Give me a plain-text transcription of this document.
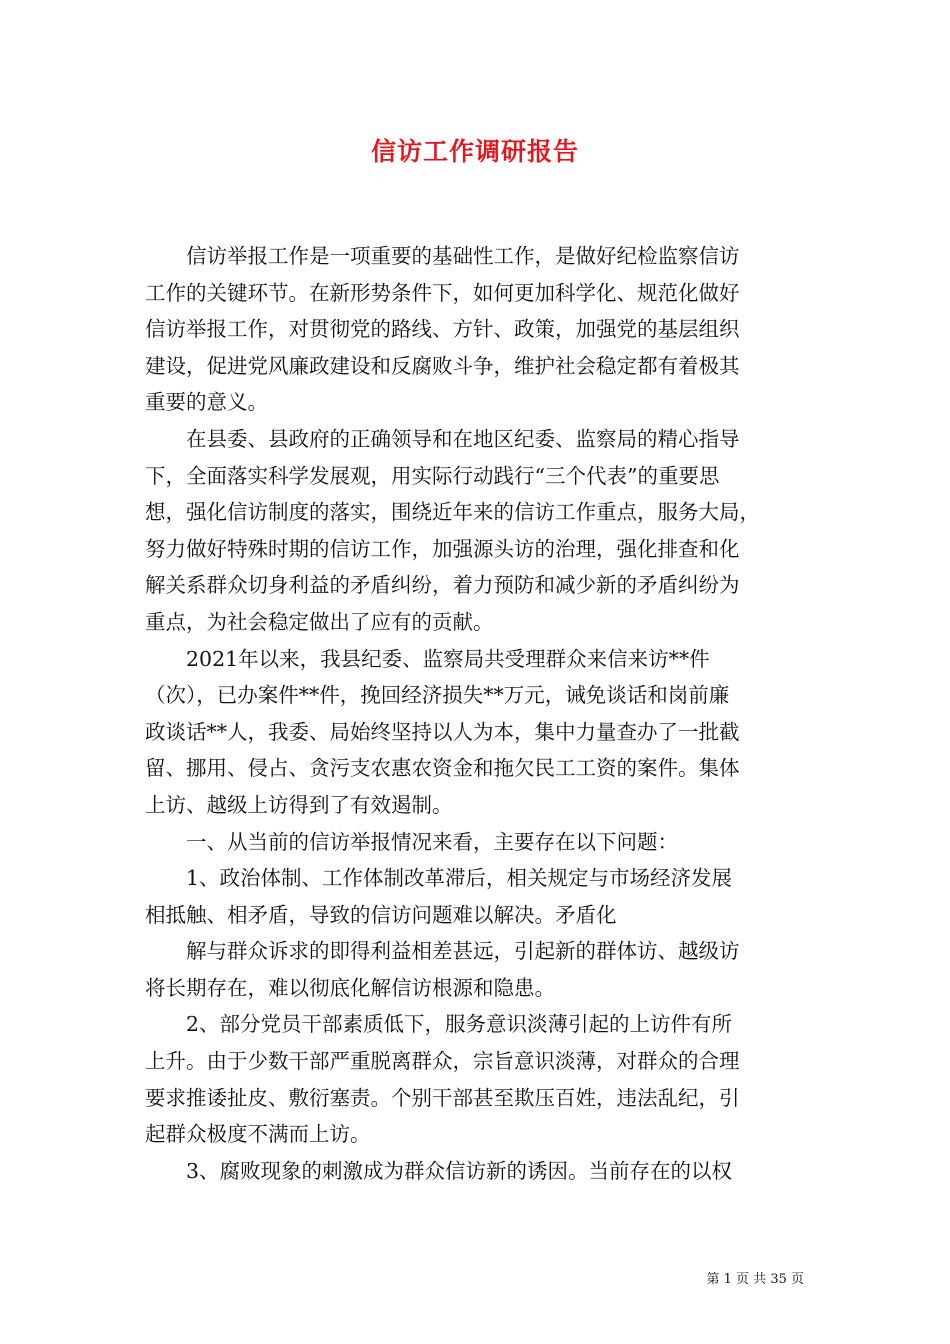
信访工作调研报告
　　信访举报工作是一项重要的基础性工作，是做好纪检监察信访
工作的关键环节。在新形势条件下，如何更加科学化、规范化做好
信访举报工作，对贯彻党的路线、方针、政策，加强党的基层组织
建设，促进党风廉政建设和反腐败斗争，维护社会稳定都有着极其
重要的意义。
　　在县委、县政府的正确领导和在地区纪委、监察局的精心指导
下，全面落实科学发展观，用实际行动践行“三个代表”的重要思
想，强化信访制度的落实，围绕近年来的信访工作重点，服务大局，
努力做好特殊时期的信访工作，加强源头访的治理，强化排查和化
解关系群众切身利益的矛盾纠纷，着力预防和减少新的矛盾纠纷为
重点，为社会稳定做出了应有的贡献。
　　2021年以来，我县纪委、监察局共受理群众来信来访**件
（次），已办案件**件，挽回经济损失**万元，诫免谈话和岗前廉
政谈话**人，我委、局始终坚持以人为本，集中力量查办了一批截
留、挪用、侵占、贪污支农惠农资金和拖欠民工工资的案件。集体
上访、越级上访得到了有效遏制。
　　一、从当前的信访举报情况来看，主要存在以下问题：
　　1、政治体制、工作体制改革滞后，相关规定与市场经济发展
相抵触、相矛盾，导致的信访问题难以解决。矛盾化
　　解与群众诉求的即得利益相差甚远，引起新的群体访、越级访
将长期存在，难以彻底化解信访根源和隐患。
　　2、部分党员干部素质低下，服务意识淡薄引起的上访件有所
上升。由于少数干部严重脱离群众，宗旨意识淡薄，对群众的合理
要求推诿扯皮、敷衍塞责。个别干部甚至欺压百姓，违法乱纪，引
起群众极度不满而上访。
　　3、腐败现象的刺激成为群众信访新的诱因。当前存在的以权
第 1 页 共 35 页
